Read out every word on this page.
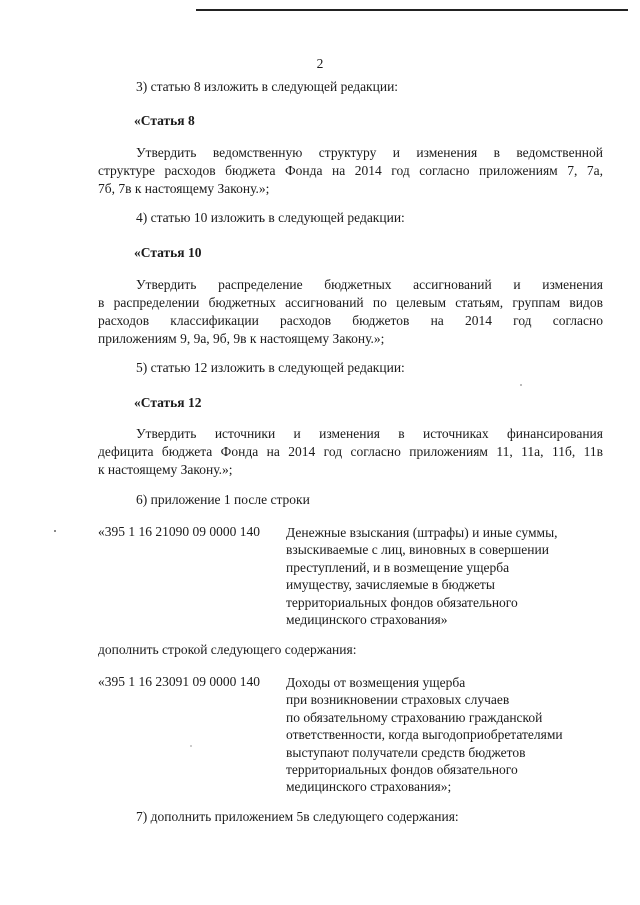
2
3) статью 8 изложить в следующей редакции:
«Статья 8
Утвердить ведомственную структуру и изменения в ведомственной
структуре расходов бюджета Фонда на 2014 год согласно приложениям 7, 7а,
7б, 7в к настоящему Закону.»;
4) статью 10 изложить в следующей редакции:
«Статья 10
Утвердить распределение бюджетных ассигнований и изменения
в распределении бюджетных ассигнований по целевым статьям, группам видов
расходов классификации расходов бюджетов на 2014 год согласно
приложениям 9, 9а, 9б, 9в к настоящему Закону.»;
5) статью 12 изложить в следующей редакции:
«Статья 12
Утвердить источники и изменения в источниках финансирования
дефицита бюджета Фонда на 2014 год согласно приложениям 11, 11а, 11б, 11в
к настоящему Закону.»;
6) приложение 1 после строки
«395 1 16 21090 09 0000 140 Денежные взыскания (штрафы) и иные суммы,
взыскиваемые с лиц, виновных в совершении
преступлений, и в возмещение ущерба
имуществу, зачисляемые в бюджеты
территориальных фондов обязательного
медицинского страхования»
дополнить строкой следующего содержания:
«395 1 16 23091 09 0000 140 Доходы от возмещения ущерба
при возникновении страховых случаев
по обязательному страхованию гражданской
ответственности, когда выгодоприобретателями
выступают получатели средств бюджетов
территориальных фондов обязательного
медицинского страхования»;
7) дополнить приложением 5в следующего содержания:
